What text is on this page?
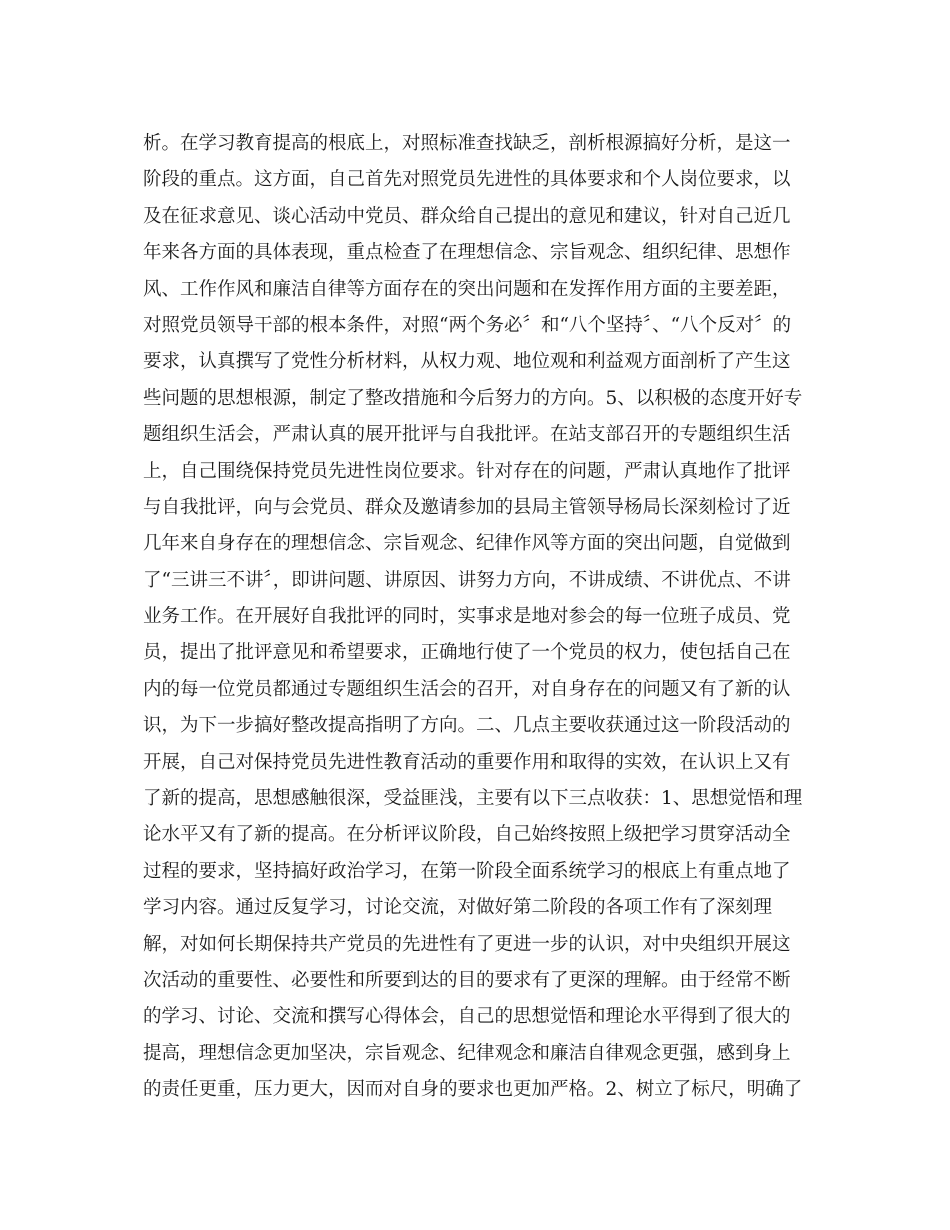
析。在学习教育提高的根底上，对照标准查找缺乏，剖析根源搞好分析，是这一
阶段的重点。这方面，自己首先对照党员先进性的具体要求和个人岗位要求，以
及在征求意见、谈心活动中党员、群众给自己提出的意见和建议，针对自己近几
年来各方面的具体表现，重点检查了在理想信念、宗旨观念、组织纪律、思想作
风、工作作风和廉洁自律等方面存在的突出问题和在发挥作用方面的主要差距，
对照党员领导干部的根本条件，对照“两个务必〞和“八个坚持〞、“八个反对〞的
要求，认真撰写了党性分析材料，从权力观、地位观和利益观方面剖析了产生这
些问题的思想根源，制定了整改措施和今后努力的方向。5、以积极的态度开好专
题组织生活会，严肃认真的展开批评与自我批评。在站支部召开的专题组织生活
上，自己围绕保持党员先进性岗位要求。针对存在的问题，严肃认真地作了批评
与自我批评，向与会党员、群众及邀请参加的县局主管领导杨局长深刻检讨了近
几年来自身存在的理想信念、宗旨观念、纪律作风等方面的突出问题，自觉做到
了“三讲三不讲〞，即讲问题、讲原因、讲努力方向，不讲成绩、不讲优点、不讲
业务工作。在开展好自我批评的同时，实事求是地对参会的每一位班子成员、党
员，提出了批评意见和希望要求，正确地行使了一个党员的权力，使包括自己在
内的每一位党员都通过专题组织生活会的召开，对自身存在的问题又有了新的认
识，为下一步搞好整改提高指明了方向。二、几点主要收获通过这一阶段活动的
开展，自己对保持党员先进性教育活动的重要作用和取得的实效，在认识上又有
了新的提高，思想感触很深，受益匪浅，主要有以下三点收获：1、思想觉悟和理
论水平又有了新的提高。在分析评议阶段，自己始终按照上级把学习贯穿活动全
过程的要求，坚持搞好政治学习，在第一阶段全面系统学习的根底上有重点地了
学习内容。通过反复学习，讨论交流，对做好第二阶段的各项工作有了深刻理
解，对如何长期保持共产党员的先进性有了更进一步的认识，对中央组织开展这
次活动的重要性、必要性和所要到达的目的要求有了更深的理解。由于经常不断
的学习、讨论、交流和撰写心得体会，自己的思想觉悟和理论水平得到了很大的
提高，理想信念更加坚决，宗旨观念、纪律观念和廉洁自律观念更强，感到身上
的责任更重，压力更大，因而对自身的要求也更加严格。2、树立了标尺，明确了
